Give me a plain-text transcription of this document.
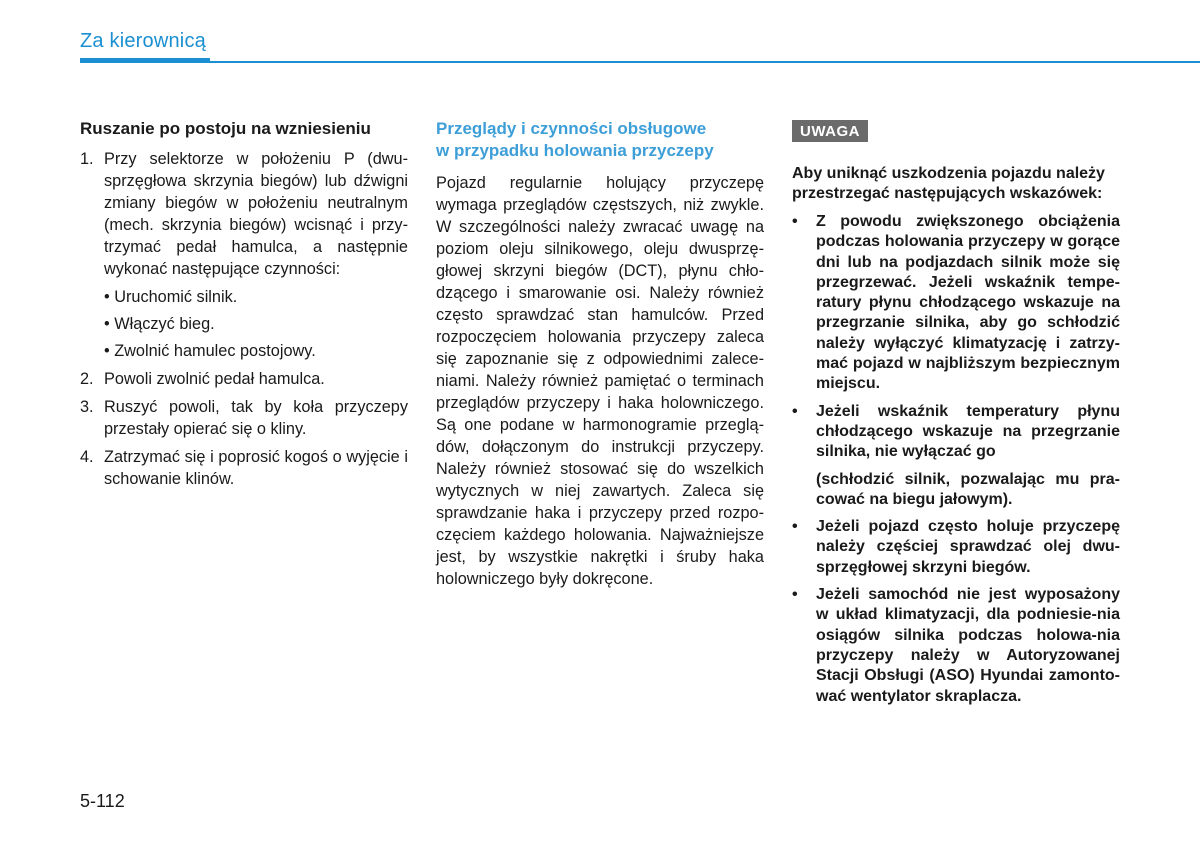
Za kierownicą
Ruszanie po postoju na wzniesieniu
1. Przy selektorze w położeniu P (dwu-sprzęgłowa skrzynia biegów) lub dźwigni zmiany biegów w położeniu neutralnym (mech. skrzynia biegów) wcisnąć i przy-trzymać pedał hamulca, a następnie wykonać następujące czynności:
• Uruchomić silnik.
• Włączyć bieg.
• Zwolnić hamulec postojowy.
2. Powoli zwolnić pedał hamulca.
3. Ruszyć powoli, tak by koła przyczepy przestały opierać się o kliny.
4. Zatrzymać się i poprosić kogoś o wyjęcie i schowanie klinów.
Przeglądy i czynności obsługowe
w przypadku holowania przyczepy

Pojazd regularnie holujący przyczepę wymaga przeglądów częstszych, niż zwykle. W szczególności należy zwracać uwagę na poziom oleju silnikowego, oleju dwusprzę-głowej skrzyni biegów (DCT), płynu chło-dzącego i smarowanie osi. Należy również często sprawdzać stan hamulców. Przed rozpoczęciem holowania przyczepy zaleca się zapoznanie się z odpowiednimi zalece-niami. Należy również pamiętać o terminach przeglądów przyczepy i haka holowniczego. Są one podane w harmonogramie przeglą-dów, dołączonym do instrukcji przyczepy. Należy również stosować się do wszelkich wytycznych w niej zawartych. Zaleca się sprawdzanie haka i przyczepy przed rozpo-częciem każdego holowania. Najważniejsze jest, by wszystkie nakrętki i śruby haka holowniczego były dokręcone.

UWAGA

Aby uniknąć uszkodzenia pojazdu należy przestrzegać następujących wskazówek:

• Z powodu zwiększonego obciążenia podczas holowania przyczepy w gorące dni lub na podjazdach silnik może się przegrzewać. Jeżeli wskaźnik tempe-ratury płynu chłodzącego wskazuje na przegrzanie silnika, aby go schłodzić należy wyłączyć klimatyzację i zatrzy-mać pojazd w najbliższym bezpiecznym miejscu.
• Jeżeli wskaźnik temperatury płynu chłodzącego wskazuje na przegrzanie silnika, nie wyłączać go

(schłodzić silnik, pozwalając mu pra-cować na biegu jałowym).

• Jeżeli pojazd często holuje przyczepę należy częściej sprawdzać olej dwu-sprzęgłowej skrzyni biegów.
• Jeżeli samochód nie jest wyposażony w układ klimatyzacji, dla podniesie-nia osiągów silnika podczas holowa-nia przyczepy należy w Autoryzowanej Stacji Obsługi (ASO) Hyundai zamonto-wać wentylator skraplacza.
5-112
